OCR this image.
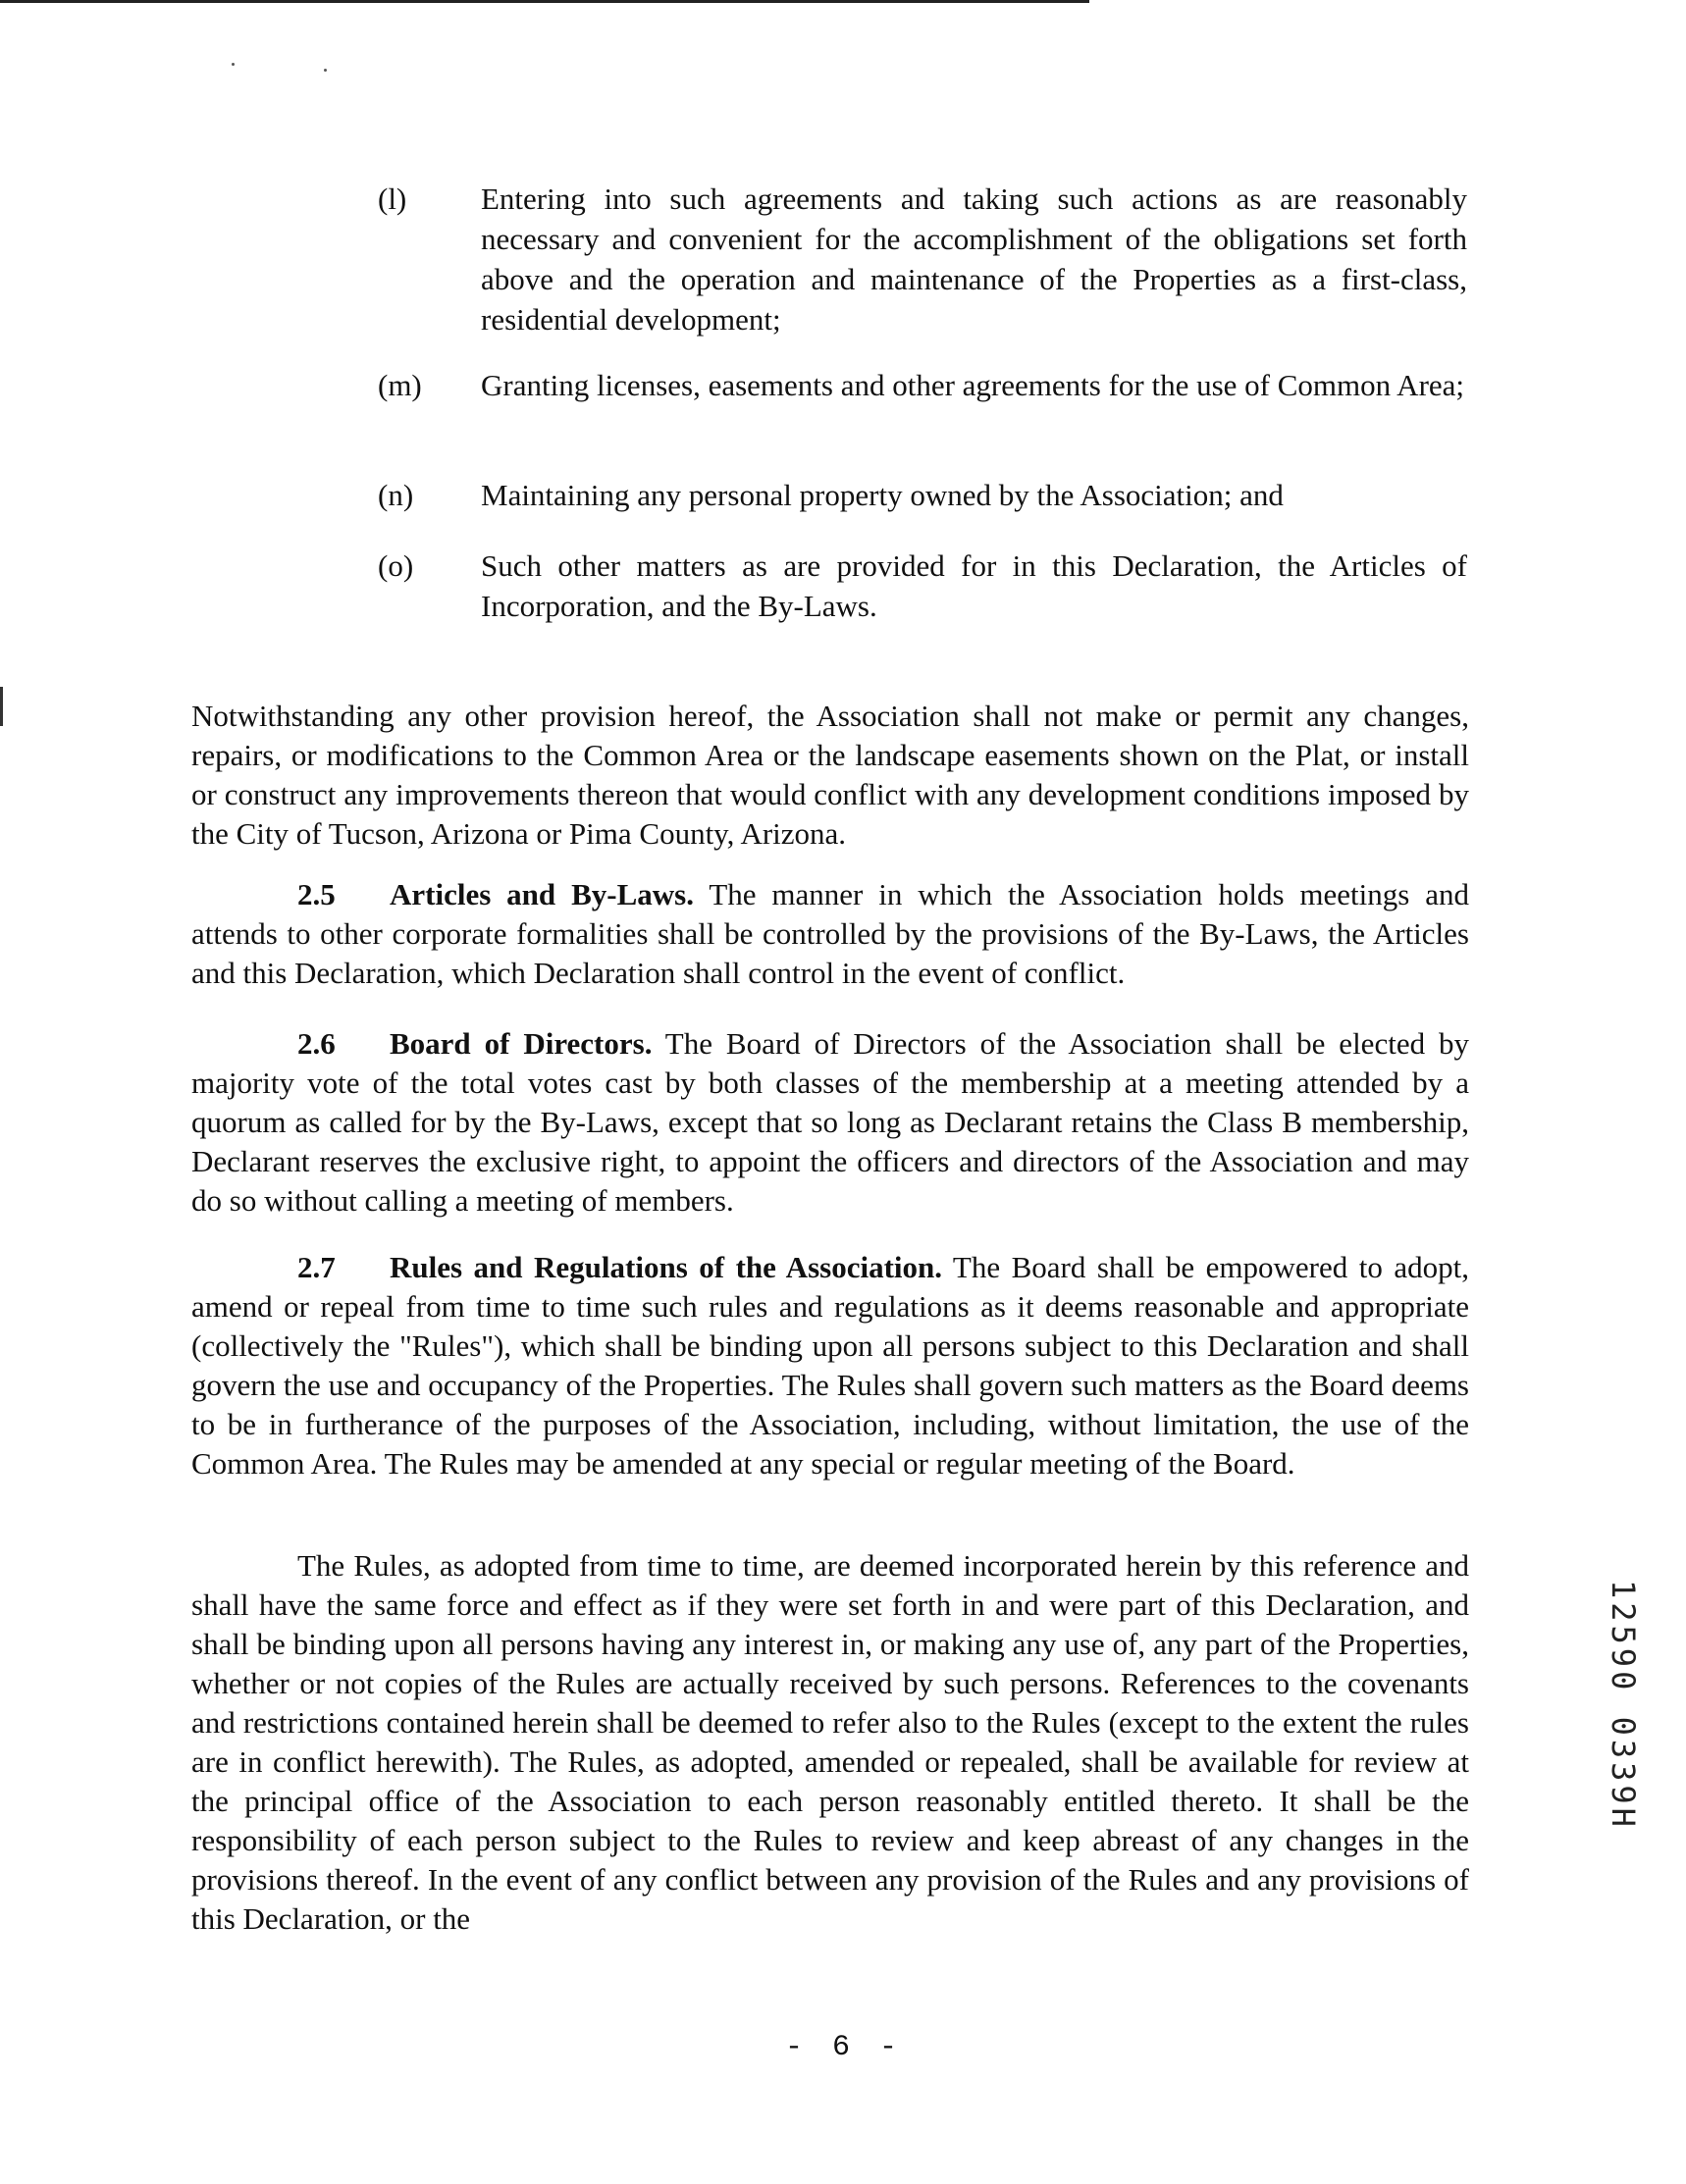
(l) Entering into such agreements and taking such actions as are reasonably necessary and convenient for the accomplishment of the obligations set forth above and the operation and maintenance of the Properties as a first-class, residential development;
(m) Granting licenses, easements and other agreements for the use of Common Area;
(n) Maintaining any personal property owned by the Association; and
(o) Such other matters as are provided for in this Declaration, the Articles of Incorporation, and the By-Laws.

Notwithstanding any other provision hereof, the Association shall not make or permit any changes, repairs, or modifications to the Common Area or the landscape easements shown on the Plat, or install or construct any improvements thereon that would conflict with any development conditions imposed by the City of Tucson, Arizona or Pima County, Arizona.

2.5 Articles and By-Laws. The manner in which the Association holds meetings and attends to other corporate formalities shall be controlled by the provisions of the By-Laws, the Articles and this Declaration, which Declaration shall control in the event of conflict.

2.6 Board of Directors. The Board of Directors of the Association shall be elected by majority vote of the total votes cast by both classes of the membership at a meeting attended by a quorum as called for by the By-Laws, except that so long as Declarant retains the Class B membership, Declarant reserves the exclusive right, to appoint the officers and directors of the Association and may do so without calling a meeting of members.

2.7 Rules and Regulations of the Association. The Board shall be empowered to adopt, amend or repeal from time to time such rules and regulations as it deems reasonable and appropriate (collectively the "Rules"), which shall be binding upon all persons subject to this Declaration and shall govern the use and occupancy of the Properties. The Rules shall govern such matters as the Board deems to be in furtherance of the purposes of the Association, including, without limitation, the use of the Common Area. The Rules may be amended at any special or regular meeting of the Board.

The Rules, as adopted from time to time, are deemed incorporated herein by this reference and shall have the same force and effect as if they were set forth in and were part of this Declaration, and shall be binding upon all persons having any interest in, or making any use of, any part of the Properties, whether or not copies of the Rules are actually received by such persons. References to the covenants and restrictions contained herein shall be deemed to refer also to the Rules (except to the extent the rules are in conflict herewith). The Rules, as adopted, amended or repealed, shall be available for review at the principal office of the Association to each person reasonably entitled thereto. It shall be the responsibility of each person subject to the Rules to review and keep abreast of any changes in the provisions thereof. In the event of any conflict between any provision of the Rules and any provisions of this Declaration, or the

- 6 -
12590 0339H
